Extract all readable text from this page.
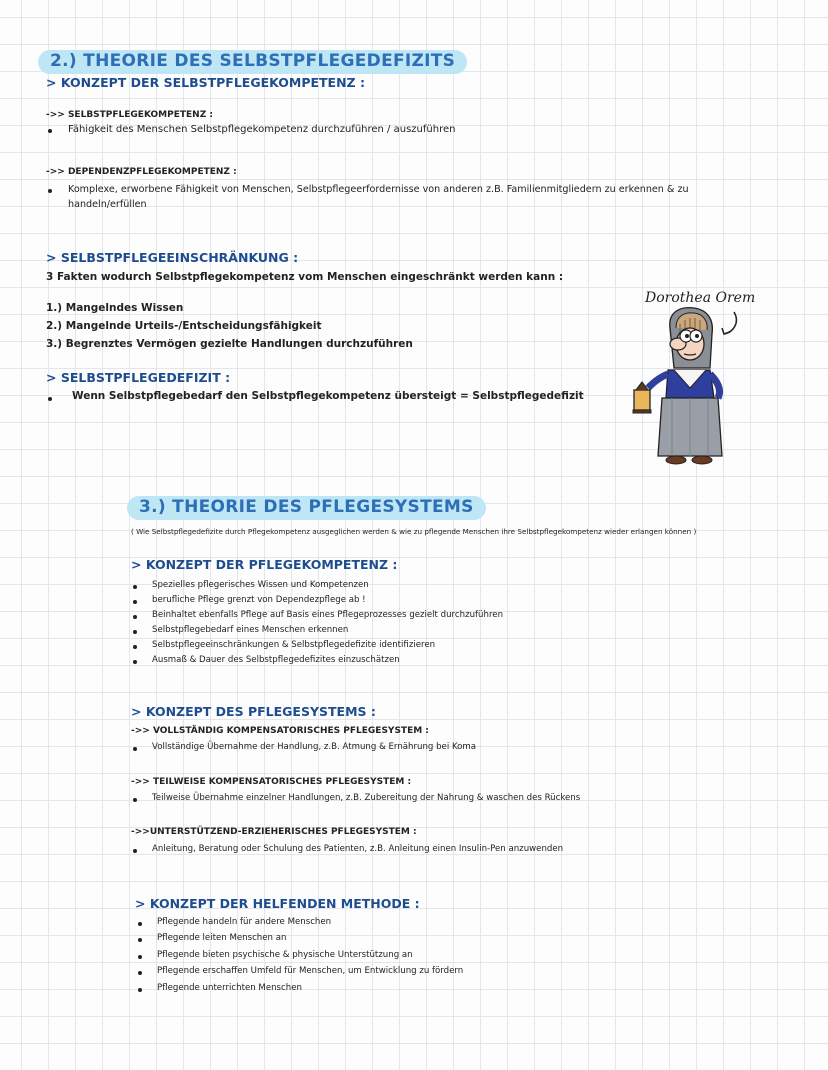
2.) THEORIE DES SELBSTPFLEGEDEFIZITS
> KONZEPT DER SELBSTPFLEGEKOMPETENZ :
->> SELBSTPFLEGEKOMPETENZ :
Fähigkeit des Menschen Selbstpflegekompetenz durchzuführen / auszuführen
->> DEPENDENZPFLEGEKOMPETENZ :
Komplexe, erworbene Fähigkeit von Menschen, Selbstpflegeerfordernisse von anderen z.B. Familienmitgliedern zu erkennen & zu
handeln/erfüllen
> SELBSTPFLEGEEINSCHRÄNKUNG :
3 Fakten wodurch Selbstpflegekompetenz vom Menschen eingeschränkt werden kann :
1.) Mangelndes Wissen
2.) Mangelnde Urteils-/Entscheidungsfähigkeit
3.) Begrenztes Vermögen gezielte Handlungen durchzuführen
> SELBSTPFLEGEDEFIZIT :
Wenn Selbstpflegebedarf den Selbstpflegekompetenz übersteigt = Selbstpflegedefizit
Dorothea Orem
3.) THEORIE DES PFLEGESYSTEMS
( Wie Selbstpflegedefizite durch Pflegekompetenz ausgeglichen werden & wie zu pflegende Menschen ihre Selbstpflegekompetenz wieder erlangen können )
> KONZEPT DER PFLEGEKOMPETENZ :
Spezielles pflegerisches Wissen und Kompetenzen
berufliche Pflege grenzt von Dependezpflege ab !
Beinhaltet ebenfalls Pflege auf Basis eines Pflegeprozesses gezielt durchzuführen
Selbstpflegebedarf eines Menschen erkennen
Selbstpflegeeinschränkungen & Selbstpflegedefizite identifizieren
Ausmaß & Dauer des Selbstpflegedefizites einzuschätzen
> KONZEPT DES PFLEGESYSTEMS :
->> VOLLSTÄNDIG KOMPENSATORISCHES PFLEGESYSTEM :
Vollständige Übernahme der Handlung, z.B. Atmung & Ernährung bei Koma
->> TEILWEISE KOMPENSATORISCHES PFLEGESYSTEM :
Teilweise Übernahme einzelner Handlungen, z.B. Zubereitung der Nahrung & waschen des Rückens
->>UNTERSTÜTZEND-ERZIEHERISCHES PFLEGESYSTEM :
Anleitung, Beratung oder Schulung des Patienten, z.B. Anleitung einen Insulin-Pen anzuwenden
> KONZEPT DER HELFENDEN METHODE :
Pflegende handeln für andere Menschen
Pflegende leiten Menschen an
Pflegende bieten psychische & physische Unterstützung an
Pflegende erschaffen Umfeld für Menschen, um Entwicklung zu fördern
Pflegende unterrichten Menschen
